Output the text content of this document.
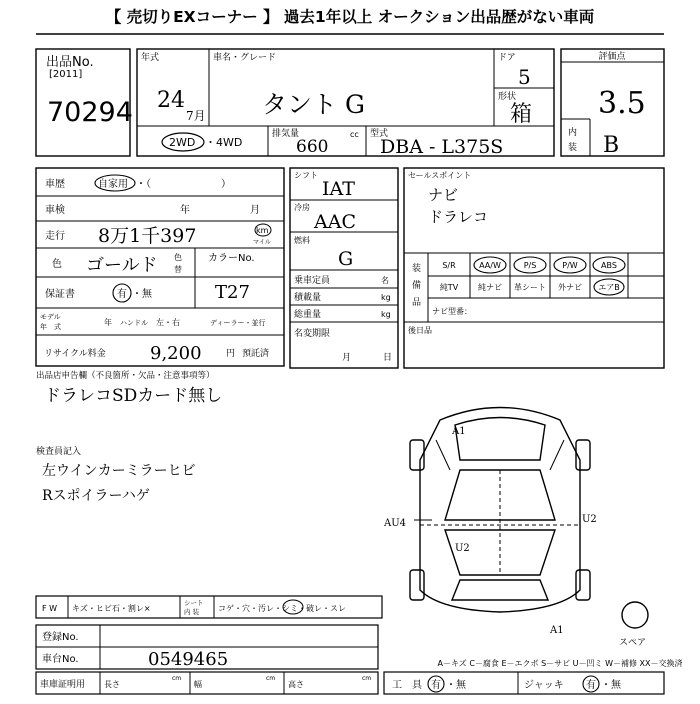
【 売切りEXコーナー 】 過去1年以上 オークション出品歴がない車両
出品No.
[2011]
70294
年式
24
7月
車名・グレード
タント G
ドア
5
形状
箱
2WD ・4WD
排気量
660
cc 型式
DBA - L375S
評価点
3.5
内
装 B
車歴	自家用 ・（　　　　　　　）
車検	年	月
走行 8万1千397	km
マイル
色
色
替
ゴールド	カラーNo.
T27
保証書	有 ・無
モデル
年　式	年 ハンドル 左・右	ディーラー・並行
リサイクル料金 9,200	円 預託済
シフト
IAT
冷房
AAC
燃料
G
乗車定員	名
積載量	kg
総重量	kg
名変期限
月	日
セールスポイント
ナビ
ドラレコ
装
備
品
S/R	AA/W	P/S	P/W	ABS
純TV 純ナビ 革シート 外ナビ エアB
ナビ型番：
後日品
出品店申告欄（不良箇所・欠品・注意事項等）
ドラレコSDカード無し
検査員記入
左ウインカーミラーヒビ
Rスポイラーハゲ
A1
AU4	U2
U2
A1
スペア
F W キズ・ヒビ石・割レ×
シート
内 装 コゲ・穴・汚レ・シミ・破レ・スレ
登録No.
車台No.	0549465	A－キズ C－腐食 E－エクボ S－サビ U－凹ミ W－補修 XX－交換済
車庫証明用 長さ
cm
幅
cm
高さ
cm
工　具 有 ・無	ジャッキ 有 ・無
